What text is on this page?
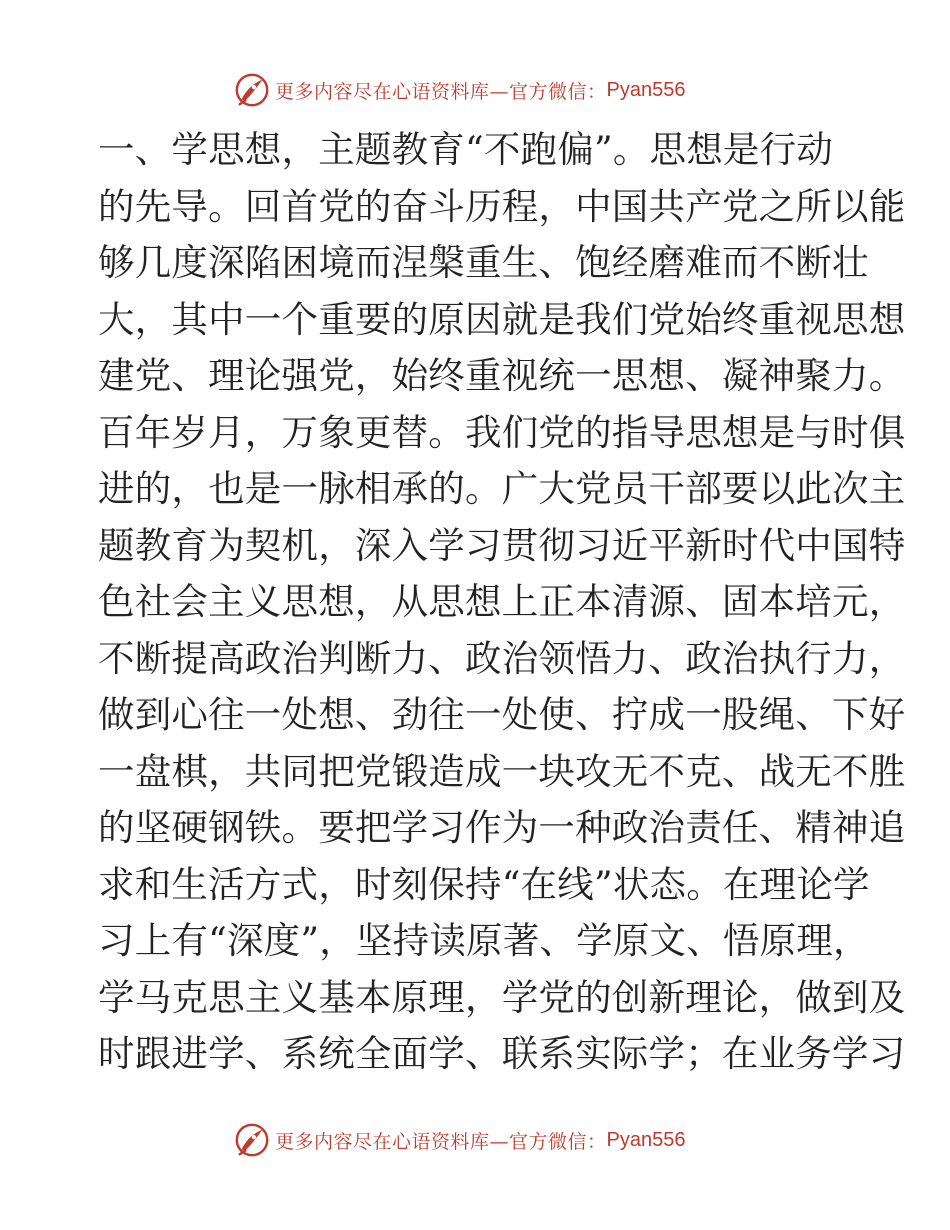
更多内容尽在心语资料库—官方微信： Pyan556
一、学思想，主题教育“不跑偏”。思想是行动
的先导。回首党的奋斗历程，中国共产党之所以能
够几度深陷困境而涅槃重生、饱经磨难而不断壮
大，其中一个重要的原因就是我们党始终重视思想
建党、理论强党，始终重视统一思想、凝神聚力。
百年岁月，万象更替。我们党的指导思想是与时俱
进的，也是一脉相承的。广大党员干部要以此次主
题教育为契机，深入学习贯彻习近平新时代中国特
色社会主义思想，从思想上正本清源、固本培元，
不断提高政治判断力、政治领悟力、政治执行力，
做到心往一处想、劲往一处使、拧成一股绳、下好
一盘棋，共同把党锻造成一块攻无不克、战无不胜
的坚硬钢铁。要把学习作为一种政治责任、精神追
求和生活方式，时刻保持“在线”状态。在理论学
习上有“深度”，坚持读原著、学原文、悟原理，
学马克思主义基本原理，学党的创新理论，做到及
时跟进学、系统全面学、联系实际学；在业务学习
更多内容尽在心语资料库—官方微信： Pyan556
